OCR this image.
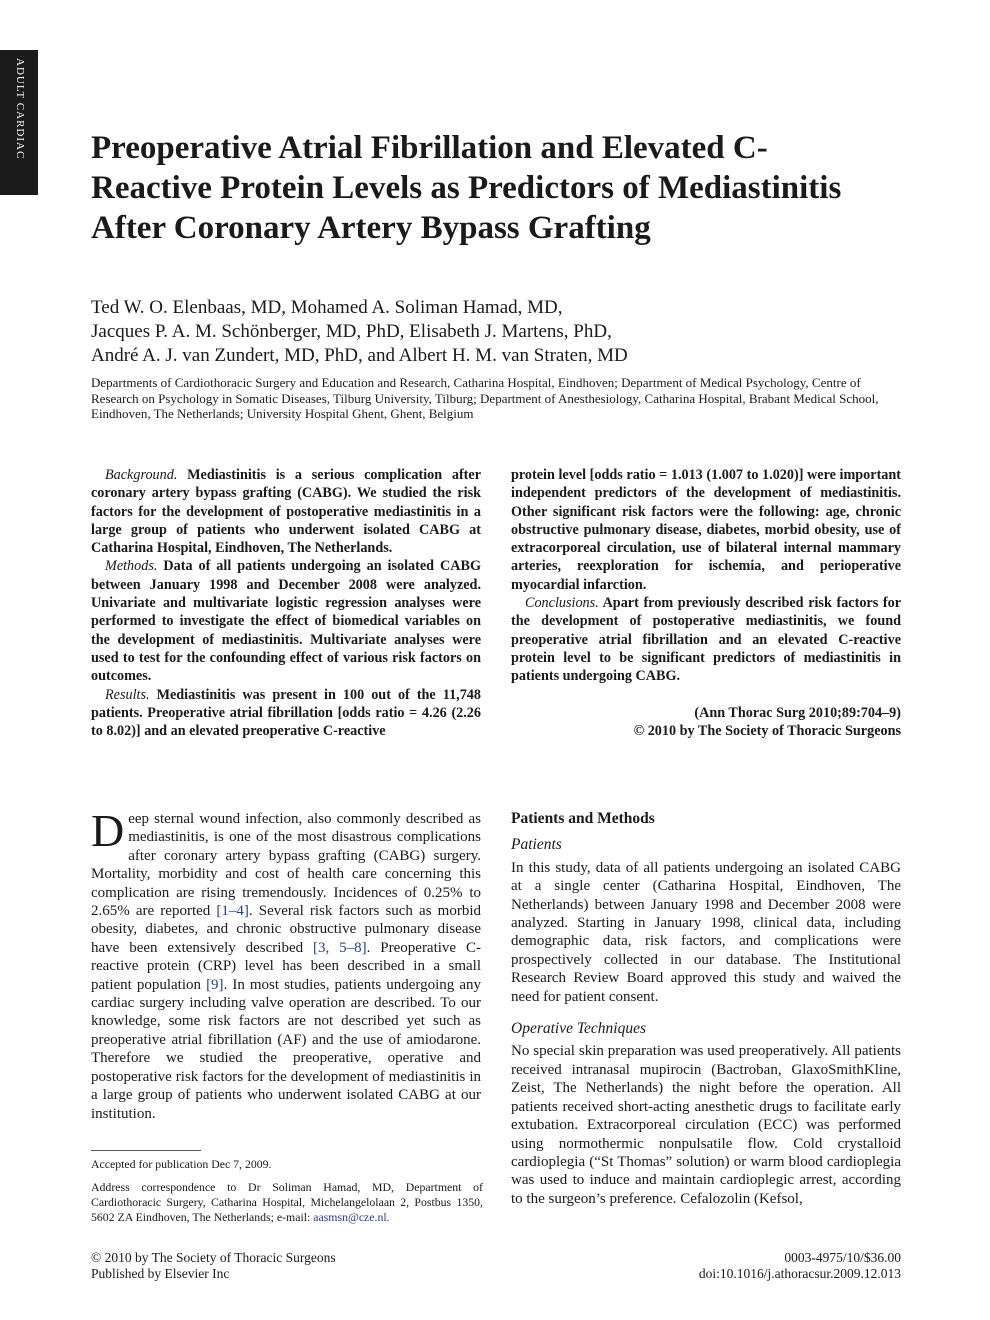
ADULT CARDIAC Preoperative Atrial Fibrillation and Elevated C-Reactive Protein Levels as Predictors of Mediastinitis After Coronary Artery Bypass Grafting
Ted W. O. Elenbaas, MD, Mohamed A. Soliman Hamad, MD,
Jacques P. A. M. Schönberger, MD, PhD, Elisabeth J. Martens, PhD,
André A. J. van Zundert, MD, PhD, and Albert H. M. van Straten, MD
Departments of Cardiothoracic Surgery and Education and Research, Catharina Hospital, Eindhoven; Department of Medical Psychology, Centre of Research on Psychology in Somatic Diseases, Tilburg University, Tilburg; Department of Anesthesiology, Catharina Hospital, Brabant Medical School, Eindhoven, The Netherlands; University Hospital Ghent, Ghent, Belgium

Background. Mediastinitis is a serious complication after coronary artery bypass grafting (CABG). We studied the risk factors for the development of postoperative mediastinitis in a large group of patients who underwent isolated CABG at Catharina Hospital, Eindhoven, The Netherlands.

Methods. Data of all patients undergoing an isolated CABG between January 1998 and December 2008 were analyzed. Univariate and multivariate logistic regression analyses were performed to investigate the effect of biomedical variables on the development of mediastinitis. Multivariate analyses were used to test for the confounding effect of various risk factors on outcomes.

Results. Mediastinitis was present in 100 out of the 11,748 patients. Preoperative atrial fibrillation [odds ratio = 4.26 (2.26 to 8.02)] and an elevated preoperative C-reactive

protein level [odds ratio = 1.013 (1.007 to 1.020)] were important independent predictors of the development of mediastinitis. Other significant risk factors were the following: age, chronic obstructive pulmonary disease, diabetes, morbid obesity, use of extracorporeal circulation, use of bilateral internal mammary arteries, reexploration for ischemia, and perioperative myocardial infarction.

Conclusions. Apart from previously described risk factors for the development of postoperative mediastinitis, we found preoperative atrial fibrillation and an elevated C-reactive protein level to be significant predictors of mediastinitis in patients undergoing CABG.

(Ann Thorac Surg 2010;89:704–9)
© 2010 by The Society of Thoracic Surgeons

Deep sternal wound infection, also commonly described as mediastinitis, is one of the most disastrous complications after coronary artery bypass grafting (CABG) surgery. Mortality, morbidity and cost of health care concerning this complication are rising tremendously. Incidences of 0.25% to 2.65% are reported [1–4]. Several risk factors such as morbid obesity, diabetes, and chronic obstructive pulmonary disease have been extensively described [3, 5–8]. Preoperative C-reactive protein (CRP) level has been described in a small patient population [9]. In most studies, patients undergoing any cardiac surgery including valve operation are described. To our knowledge, some risk factors are not described yet such as preoperative atrial fibrillation (AF) and the use of amiodarone. Therefore we studied the preoperative, operative and postoperative risk factors for the development of mediastinitis in a large group of patients who underwent isolated CABG at our institution.

Accepted for publication Dec 7, 2009.
Address correspondence to Dr Soliman Hamad, MD, Department of Cardiothoracic Surgery, Catharina Hospital, Michelangelolaan 2, Postbus 1350, 5602 ZA Eindhoven, The Netherlands; e-mail: aasmsn@cze.nl.
Patients and Methods
Patients

In this study, data of all patients undergoing an isolated CABG at a single center (Catharina Hospital, Eindhoven, The Netherlands) between January 1998 and December 2008 were analyzed. Starting in January 1998, clinical data, including demographic data, risk factors, and complications were prospectively collected in our database. The Institutional Research Review Board approved this study and waived the need for patient consent.

Operative Techniques

No special skin preparation was used preoperatively. All patients received intranasal mupirocin (Bactroban, GlaxoSmithKline, Zeist, The Netherlands) the night before the operation. All patients received short-acting anesthetic drugs to facilitate early extubation. Extracorporeal circulation (ECC) was performed using normothermic nonpulsatile flow. Cold crystalloid cardioplegia (“St Thomas” solution) or warm blood cardioplegia was used to induce and maintain cardioplegic arrest, according to the surgeon’s preference. Cefalozolin (Kefsol,

© 2010 by The Society of Thoracic Surgeons
Published by Elsevier Inc
0003-4975/10/$36.00
doi:10.1016/j.athoracsur.2009.12.013
